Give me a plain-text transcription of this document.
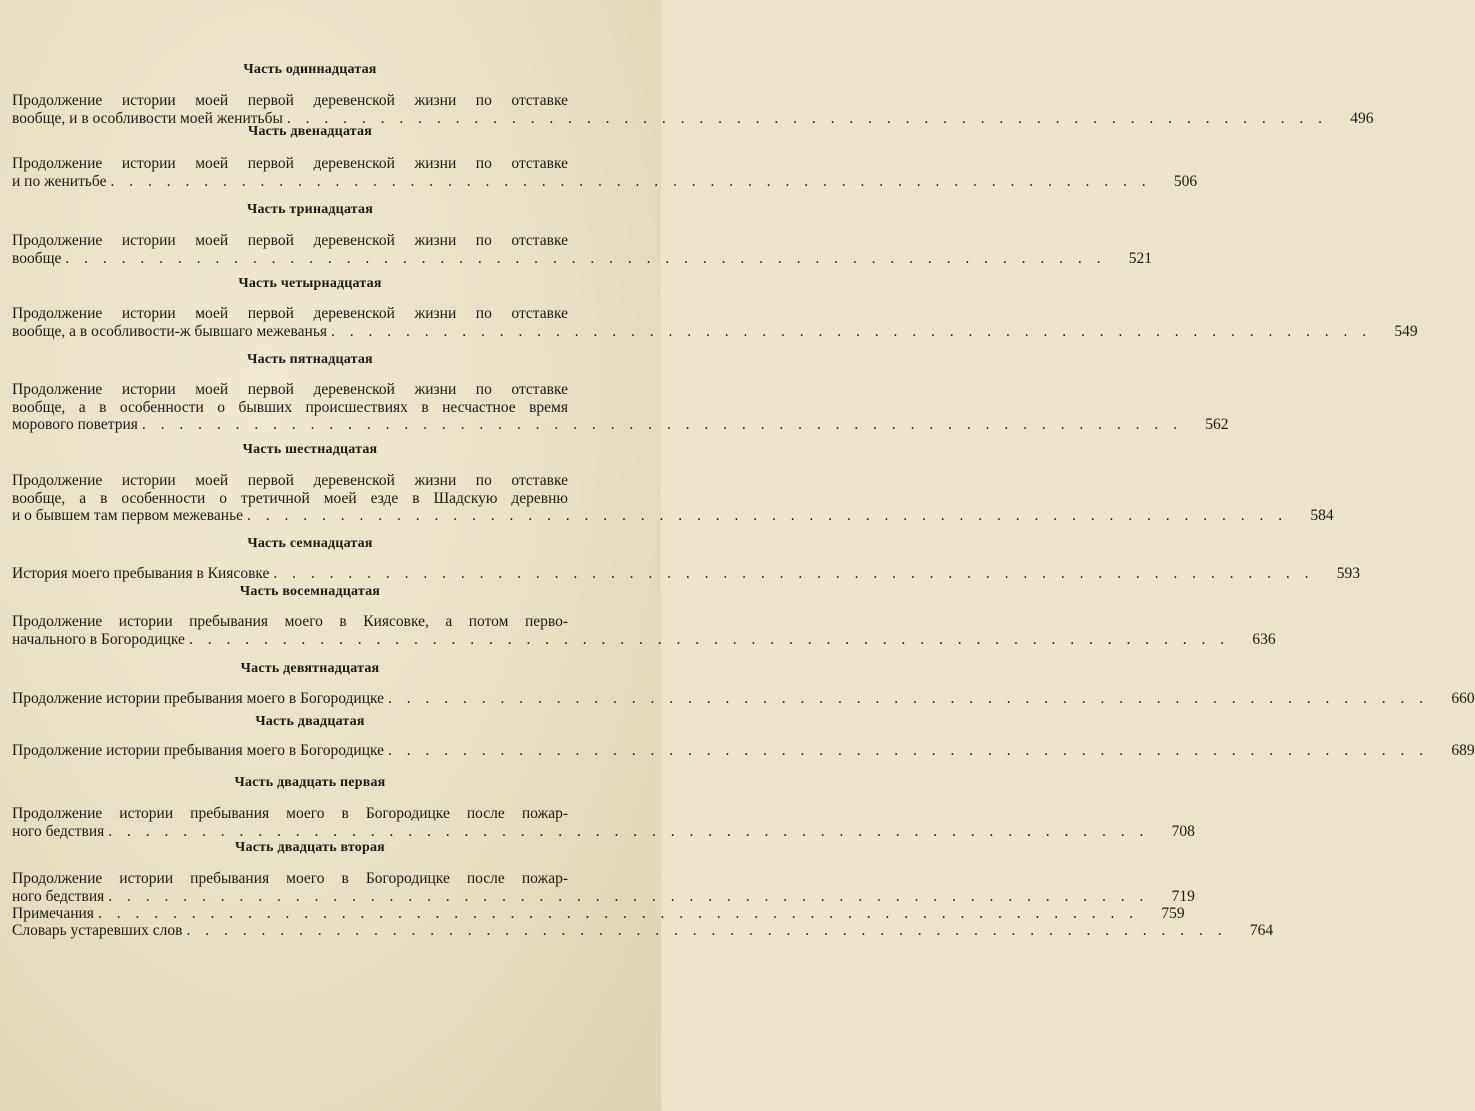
Часть одиннадцатая
Продолжение истории моей первой деревенской жизни по отставке
вообще, и в особливости моей женитьбы . . . . . . . . . . . . . . . . . . . . . . . . . . . . . . . . . . . . . . . . . . . . . . . . . . . . . . . .	496
Часть двенадцатая
Продолжение истории моей первой деревенской жизни по отставке
и по женитьбе . . . . . . . . . . . . . . . . . . . . . . . . . . . . . . . . . . . . . . . . . . . . . . . . . . . . . . . .	506
Часть тринадцатая
Продолжение истории моей первой деревенской жизни по отставке
вообще . . . . . . . . . . . . . . . . . . . . . . . . . . . . . . . . . . . . . . . . . . . . . . . . . . . . . . . .	521
Часть четырнадцатая
Продолжение истории моей первой деревенской жизни по отставке
вообще, а в особливости-ж бывшаго межеванья . . . . . . . . . . . . . . . . . . . . . . . . . . . . . . . . . . . . . . . . . . . . . . . . . . . . . . . .	549
Часть пятнадцатая
Продолжение истории моей первой деревенской жизни по отставке
вообще, а в особенности о бывших происшествиях в несчастное время
морового поветрия . . . . . . . . . . . . . . . . . . . . . . . . . . . . . . . . . . . . . . . . . . . . . . . . . . . . . . . .	562
Часть шестнадцатая
Продолжение истории моей первой деревенской жизни по отставке
вообще, а в особенности о третичной моей езде в Шадскую деревню
и о бывшем там первом межеванье . . . . . . . . . . . . . . . . . . . . . . . . . . . . . . . . . . . . . . . . . . . . . . . . . . . . . . . .	584
Часть семнадцатая
История моего пребывания в Киясовке . . . . . . . . . . . . . . . . . . . . . . . . . . . . . . . . . . . . . . . . . . . . . . . . . . . . . . . .	593
Часть восемнадцатая
Продолжение истории пребывания моего в Киясовке, а потом перво-
начального в Богородицке . . . . . . . . . . . . . . . . . . . . . . . . . . . . . . . . . . . . . . . . . . . . . . . . . . . . . . . .	636
Часть девятнадцатая
Продолжение истории пребывания моего в Богородицке . . . . . . . . . . . . . . . . . . . . . . . . . . . . . . . . . . . . . . . . . . . . . . . . . . . . . . . .	660
Часть двадцатая
Продолжение истории пребывания моего в Богородицке . . . . . . . . . . . . . . . . . . . . . . . . . . . . . . . . . . . . . . . . . . . . . . . . . . . . . . . .	689
Часть двадцать первая
Продолжение истории пребывания моего в Богородицке после пожар-
ного бедствия . . . . . . . . . . . . . . . . . . . . . . . . . . . . . . . . . . . . . . . . . . . . . . . . . . . . . . . .	708
Часть двадцать вторая
Продолжение истории пребывания моего в Богородицке после пожар-
ного бедствия . . . . . . . . . . . . . . . . . . . . . . . . . . . . . . . . . . . . . . . . . . . . . . . . . . . . . . . .	719
Примечания . . . . . . . . . . . . . . . . . . . . . . . . . . . . . . . . . . . . . . . . . . . . . . . . . . . . . . . .	759
Словарь устаревших слов . . . . . . . . . . . . . . . . . . . . . . . . . . . . . . . . . . . . . . . . . . . . . . . . . . . . . . . .	764
